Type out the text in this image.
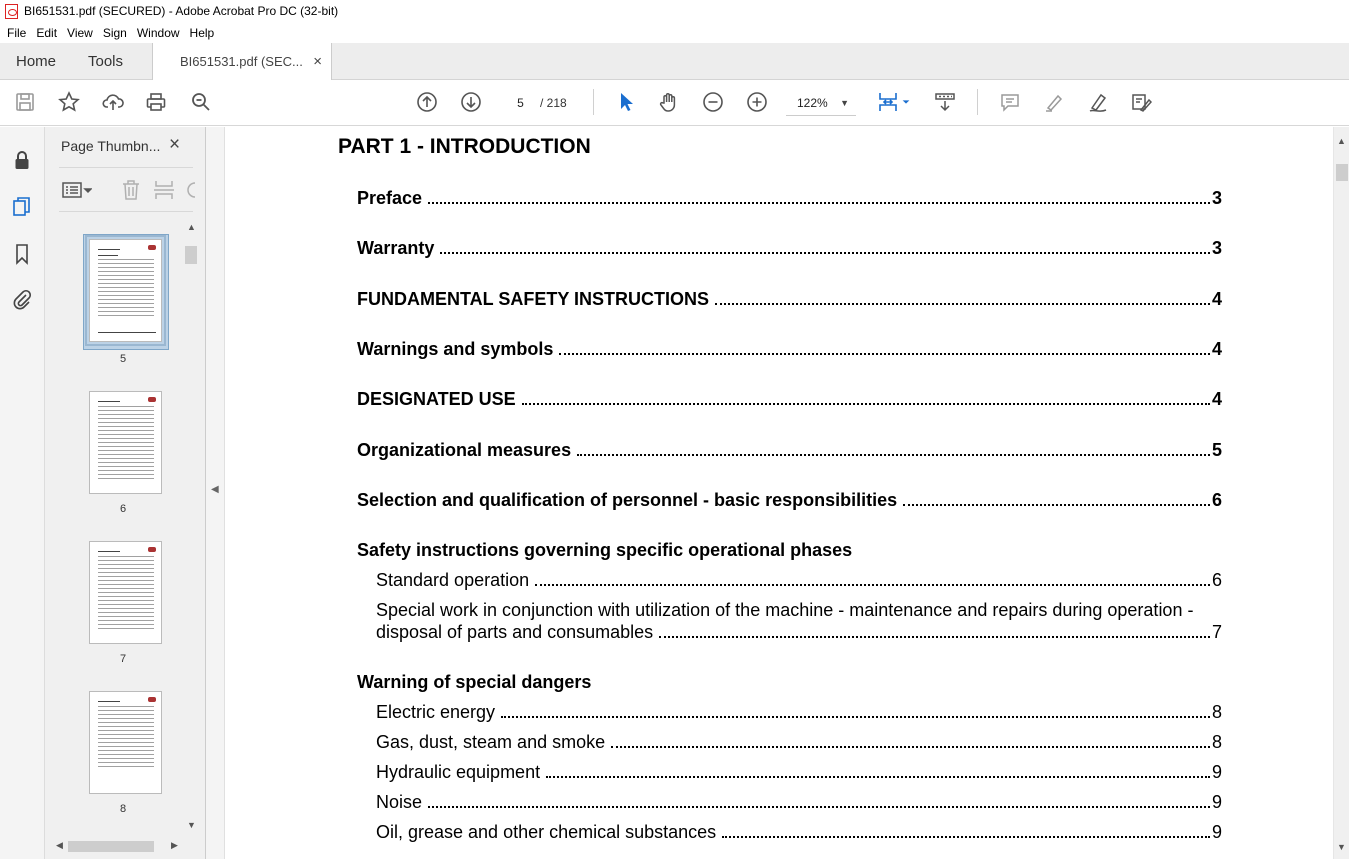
BI651531.pdf (SECURED) - Adobe Acrobat Pro DC (32-bit)
File Edit View Sign Window Help
Home Tools	BI651531.pdf (SEC... ×
5
/ 218	122% ▼
Page Thumbn... ×
5
6
7
8
▲
▼
◀	▶
◀
PART 1 - INTRODUCTION
Preface	3
Warranty	3
FUNDAMENTAL SAFETY INSTRUCTIONS	4
Warnings and symbols	4
DESIGNATED USE	4
Organizational measures	5
Selection and qualification of personnel - basic responsibilities	6
Safety instructions governing specific operational phases
Standard operation	6
Special work in conjunction with utilization of the machine - maintenance and repairs during operation -
disposal of parts and consumables	7
Warning of special dangers
Electric energy	8
Gas, dust, steam and smoke	8
Hydraulic equipment	9
Noise	9
Oil, grease and other chemical substances	9
▲
▼
